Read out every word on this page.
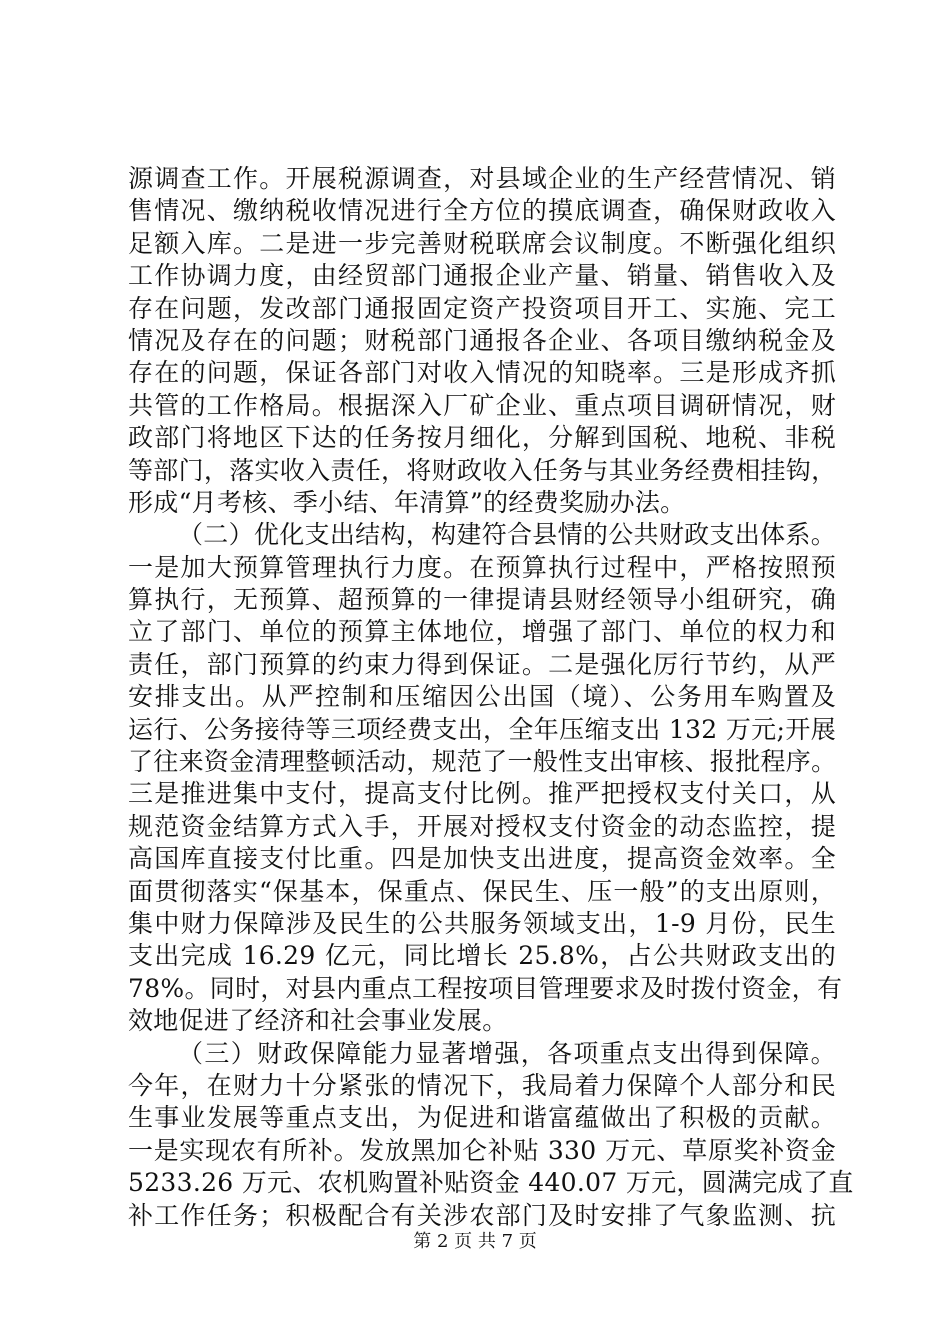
源调查工作。开展税源调查，对县域企业的生产经营情况、销
售情况、缴纳税收情况进行全方位的摸底调查，确保财政收入
足额入库。二是进一步完善财税联席会议制度。不断强化组织
工作协调力度，由经贸部门通报企业产量、销量、销售收入及
存在问题，发改部门通报固定资产投资项目开工、实施、完工
情况及存在的问题；财税部门通报各企业、各项目缴纳税金及
存在的问题，保证各部门对收入情况的知晓率。三是形成齐抓
共管的工作格局。根据深入厂矿企业、重点项目调研情况，财
政部门将地区下达的任务按月细化，分解到国税、地税、非税
等部门，落实收入责任，将财政收入任务与其业务经费相挂钩，
形成“月考核、季小结、年清算”的经费奖励办法。
（二）优化支出结构，构建符合县情的公共财政支出体系。
一是加大预算管理执行力度。在预算执行过程中，严格按照预
算执行，无预算、超预算的一律提请县财经领导小组研究，确
立了部门、单位的预算主体地位，增强了部门、单位的权力和
责任，部门预算的约束力得到保证。二是强化厉行节约，从严
安排支出。从严控制和压缩因公出国（境）、公务用车购置及
运行、公务接待等三项经费支出，全年压缩支出 132 万元;开展
了往来资金清理整顿活动，规范了一般性支出审核、报批程序。
三是推进集中支付，提高支付比例。推严把授权支付关口，从
规范资金结算方式入手，开展对授权支付资金的动态监控，提
高国库直接支付比重。四是加快支出进度，提高资金效率。全
面贯彻落实“保基本，保重点、保民生、压一般”的支出原则，
集中财力保障涉及民生的公共服务领域支出，1-9 月份，民生
支出完成 16.29 亿元，同比增长 25.8%，占公共财政支出的
78%。同时，对县内重点工程按项目管理要求及时拨付资金，有
效地促进了经济和社会事业发展。
（三）财政保障能力显著增强，各项重点支出得到保障。
今年，在财力十分紧张的情况下，我局着力保障个人部分和民
生事业发展等重点支出，为促进和谐富蕴做出了积极的贡献。
一是实现农有所补。发放黑加仑补贴 330 万元、草原奖补资金
5233.26 万元、农机购置补贴资金 440.07 万元，圆满完成了直
补工作任务；积极配合有关涉农部门及时安排了气象监测、抗
第 2 页 共 7 页
